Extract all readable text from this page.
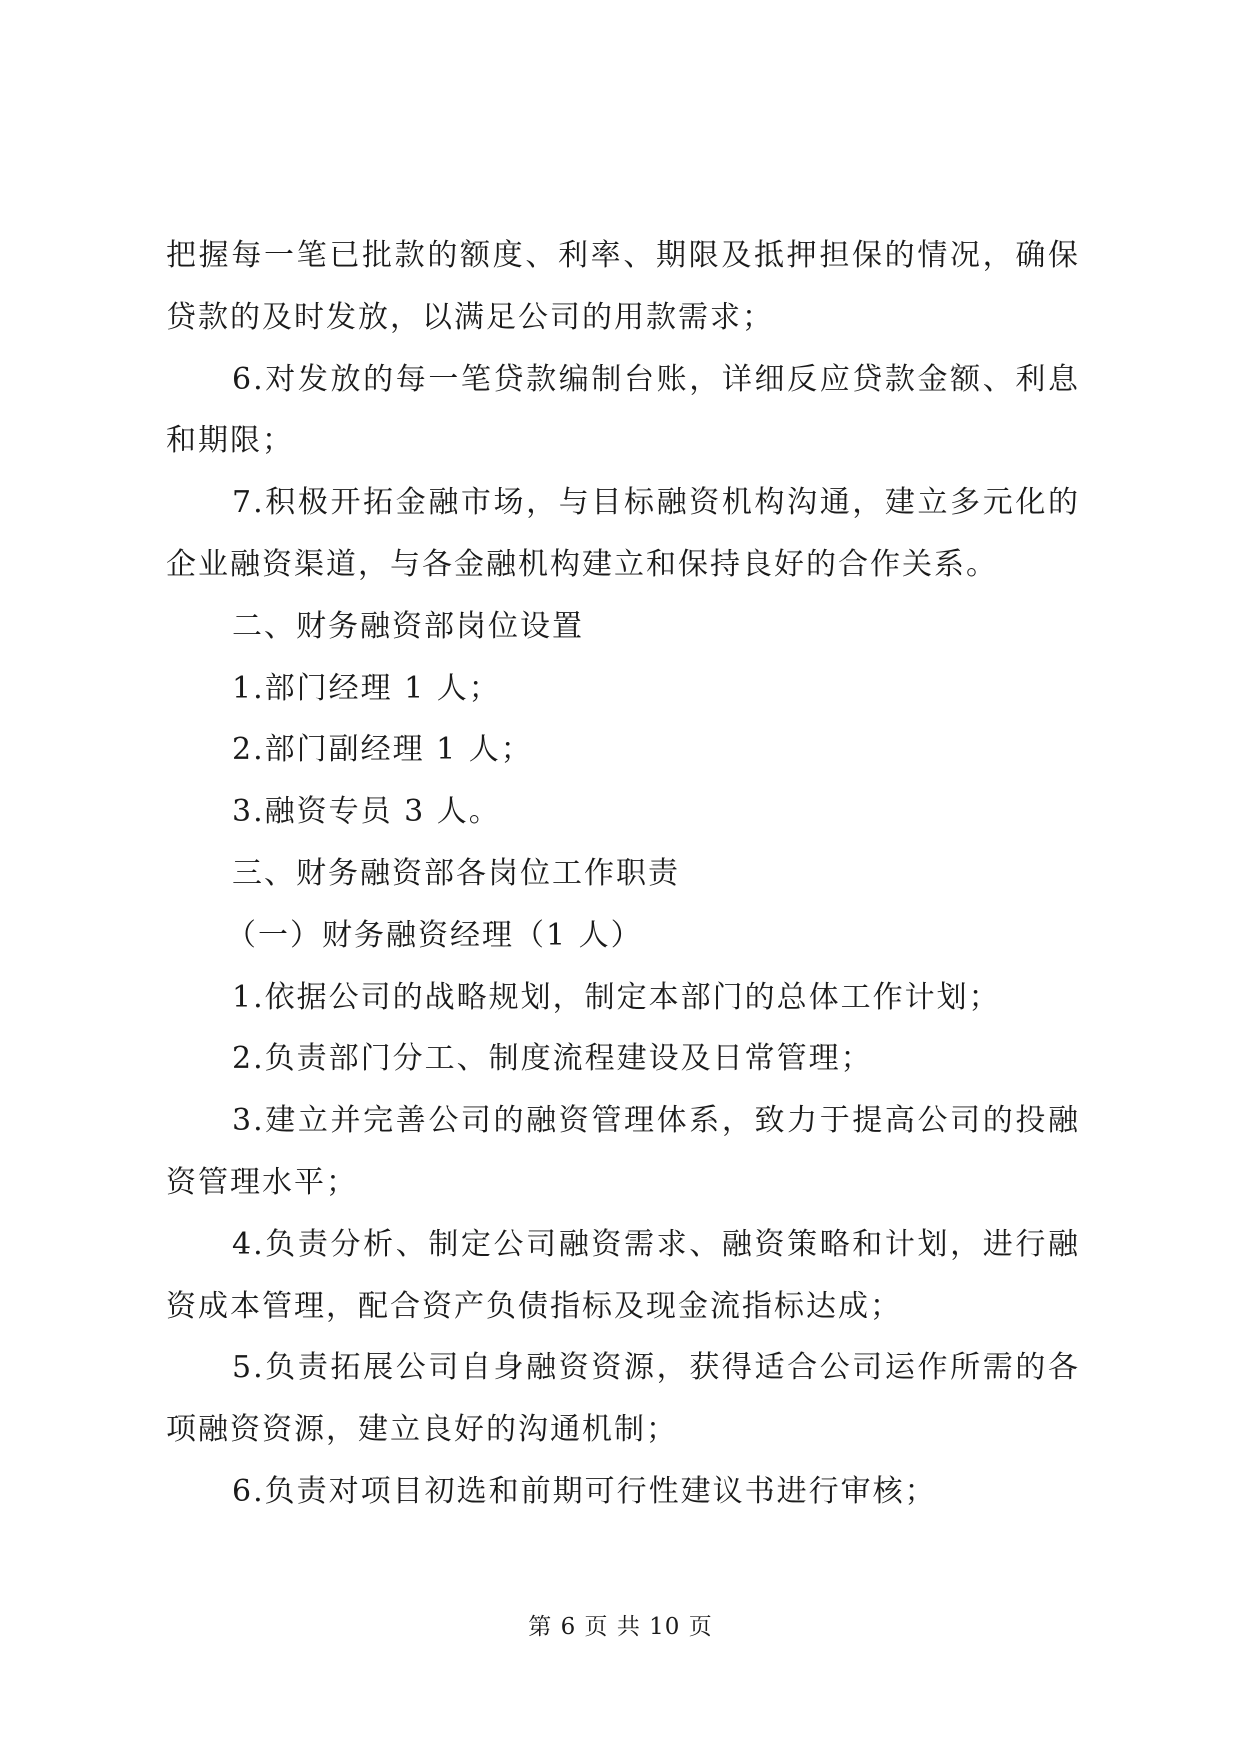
把握每一笔已批款的额度、利率、期限及抵押担保的情况，确保
贷款的及时发放，以满足公司的用款需求；
6.对发放的每一笔贷款编制台账，详细反应贷款金额、利息
和期限；
7.积极开拓金融市场，与目标融资机构沟通，建立多元化的
企业融资渠道，与各金融机构建立和保持良好的合作关系。
二、财务融资部岗位设置
1.部门经理 1 人；
2.部门副经理 1 人；
3.融资专员 3 人。
三、财务融资部各岗位工作职责
（一）财务融资经理（1 人）
1.依据公司的战略规划，制定本部门的总体工作计划；
2.负责部门分工、制度流程建设及日常管理；
3.建立并完善公司的融资管理体系，致力于提高公司的投融
资管理水平；
4.负责分析、制定公司融资需求、融资策略和计划，进行融
资成本管理，配合资产负债指标及现金流指标达成；
5.负责拓展公司自身融资资源，获得适合公司运作所需的各
项融资资源，建立良好的沟通机制；
6.负责对项目初选和前期可行性建议书进行审核；
第 6 页 共 10 页
